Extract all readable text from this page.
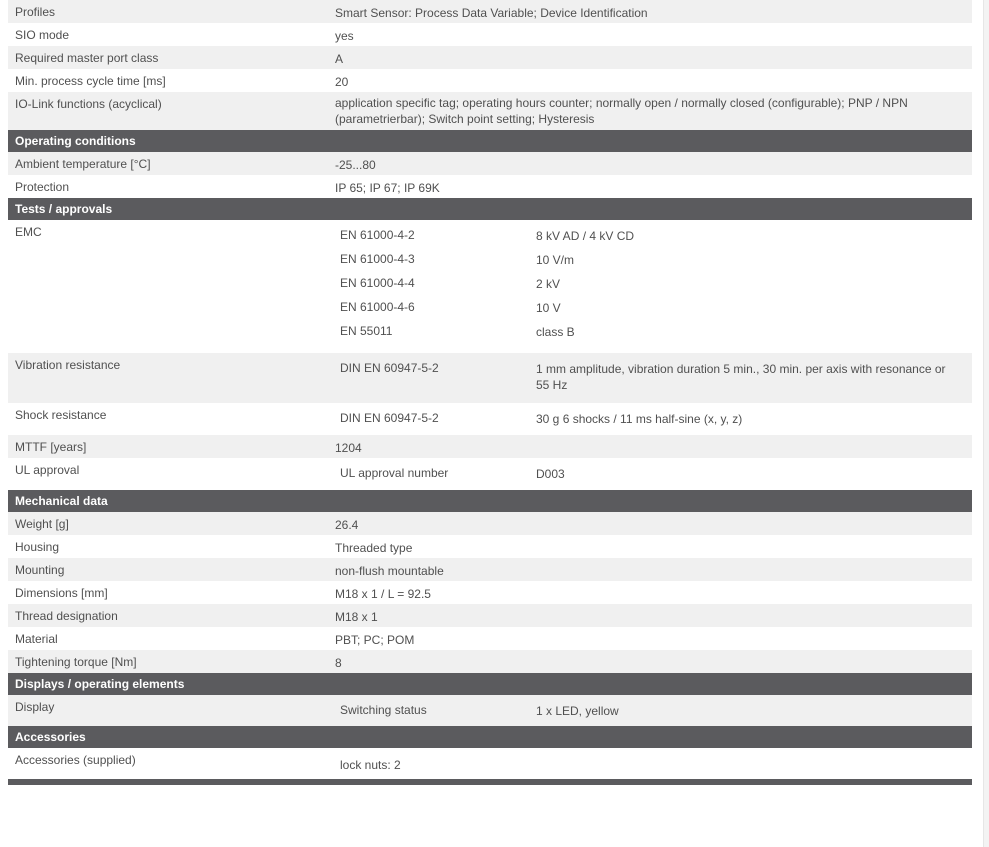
Profiles	Smart Sensor: Process Data Variable; Device Identification
SIO mode	yes
Required master port class	A
Min. process cycle time [ms]	20
IO-Link functions (acyclical)	application specific tag; operating hours counter; normally open / normally closed (configurable); PNP / NPN (parametrierbar); Switch point setting; Hysteresis
Operating conditions
Ambient temperature [°C]	-25...80
Protection	IP 65; IP 67; IP 69K
Tests / approvals
EMC	EN 61000-4-2	8 kV AD / 4 kV CD
EN 61000-4-3	10 V/m
EN 61000-4-4	2 kV
EN 61000-4-6	10 V
EN 55011	class B
Vibration resistance	DIN EN 60947-5-2	1 mm amplitude, vibration duration 5 min., 30 min. per axis with resonance or 55 Hz
Shock resistance	DIN EN 60947-5-2	30 g 6 shocks / 11 ms half-sine (x, y, z)
MTTF [years]	1204
UL approval	UL approval number	D003
Mechanical data
Weight [g]	26.4
Housing	Threaded type
Mounting	non-flush mountable
Dimensions [mm]	M18 x 1 / L = 92.5
Thread designation	M18 x 1
Material	PBT; PC; POM
Tightening torque [Nm]	8
Displays / operating elements
Display	Switching status	1 x LED, yellow
Accessories
Accessories (supplied)	lock nuts: 2
